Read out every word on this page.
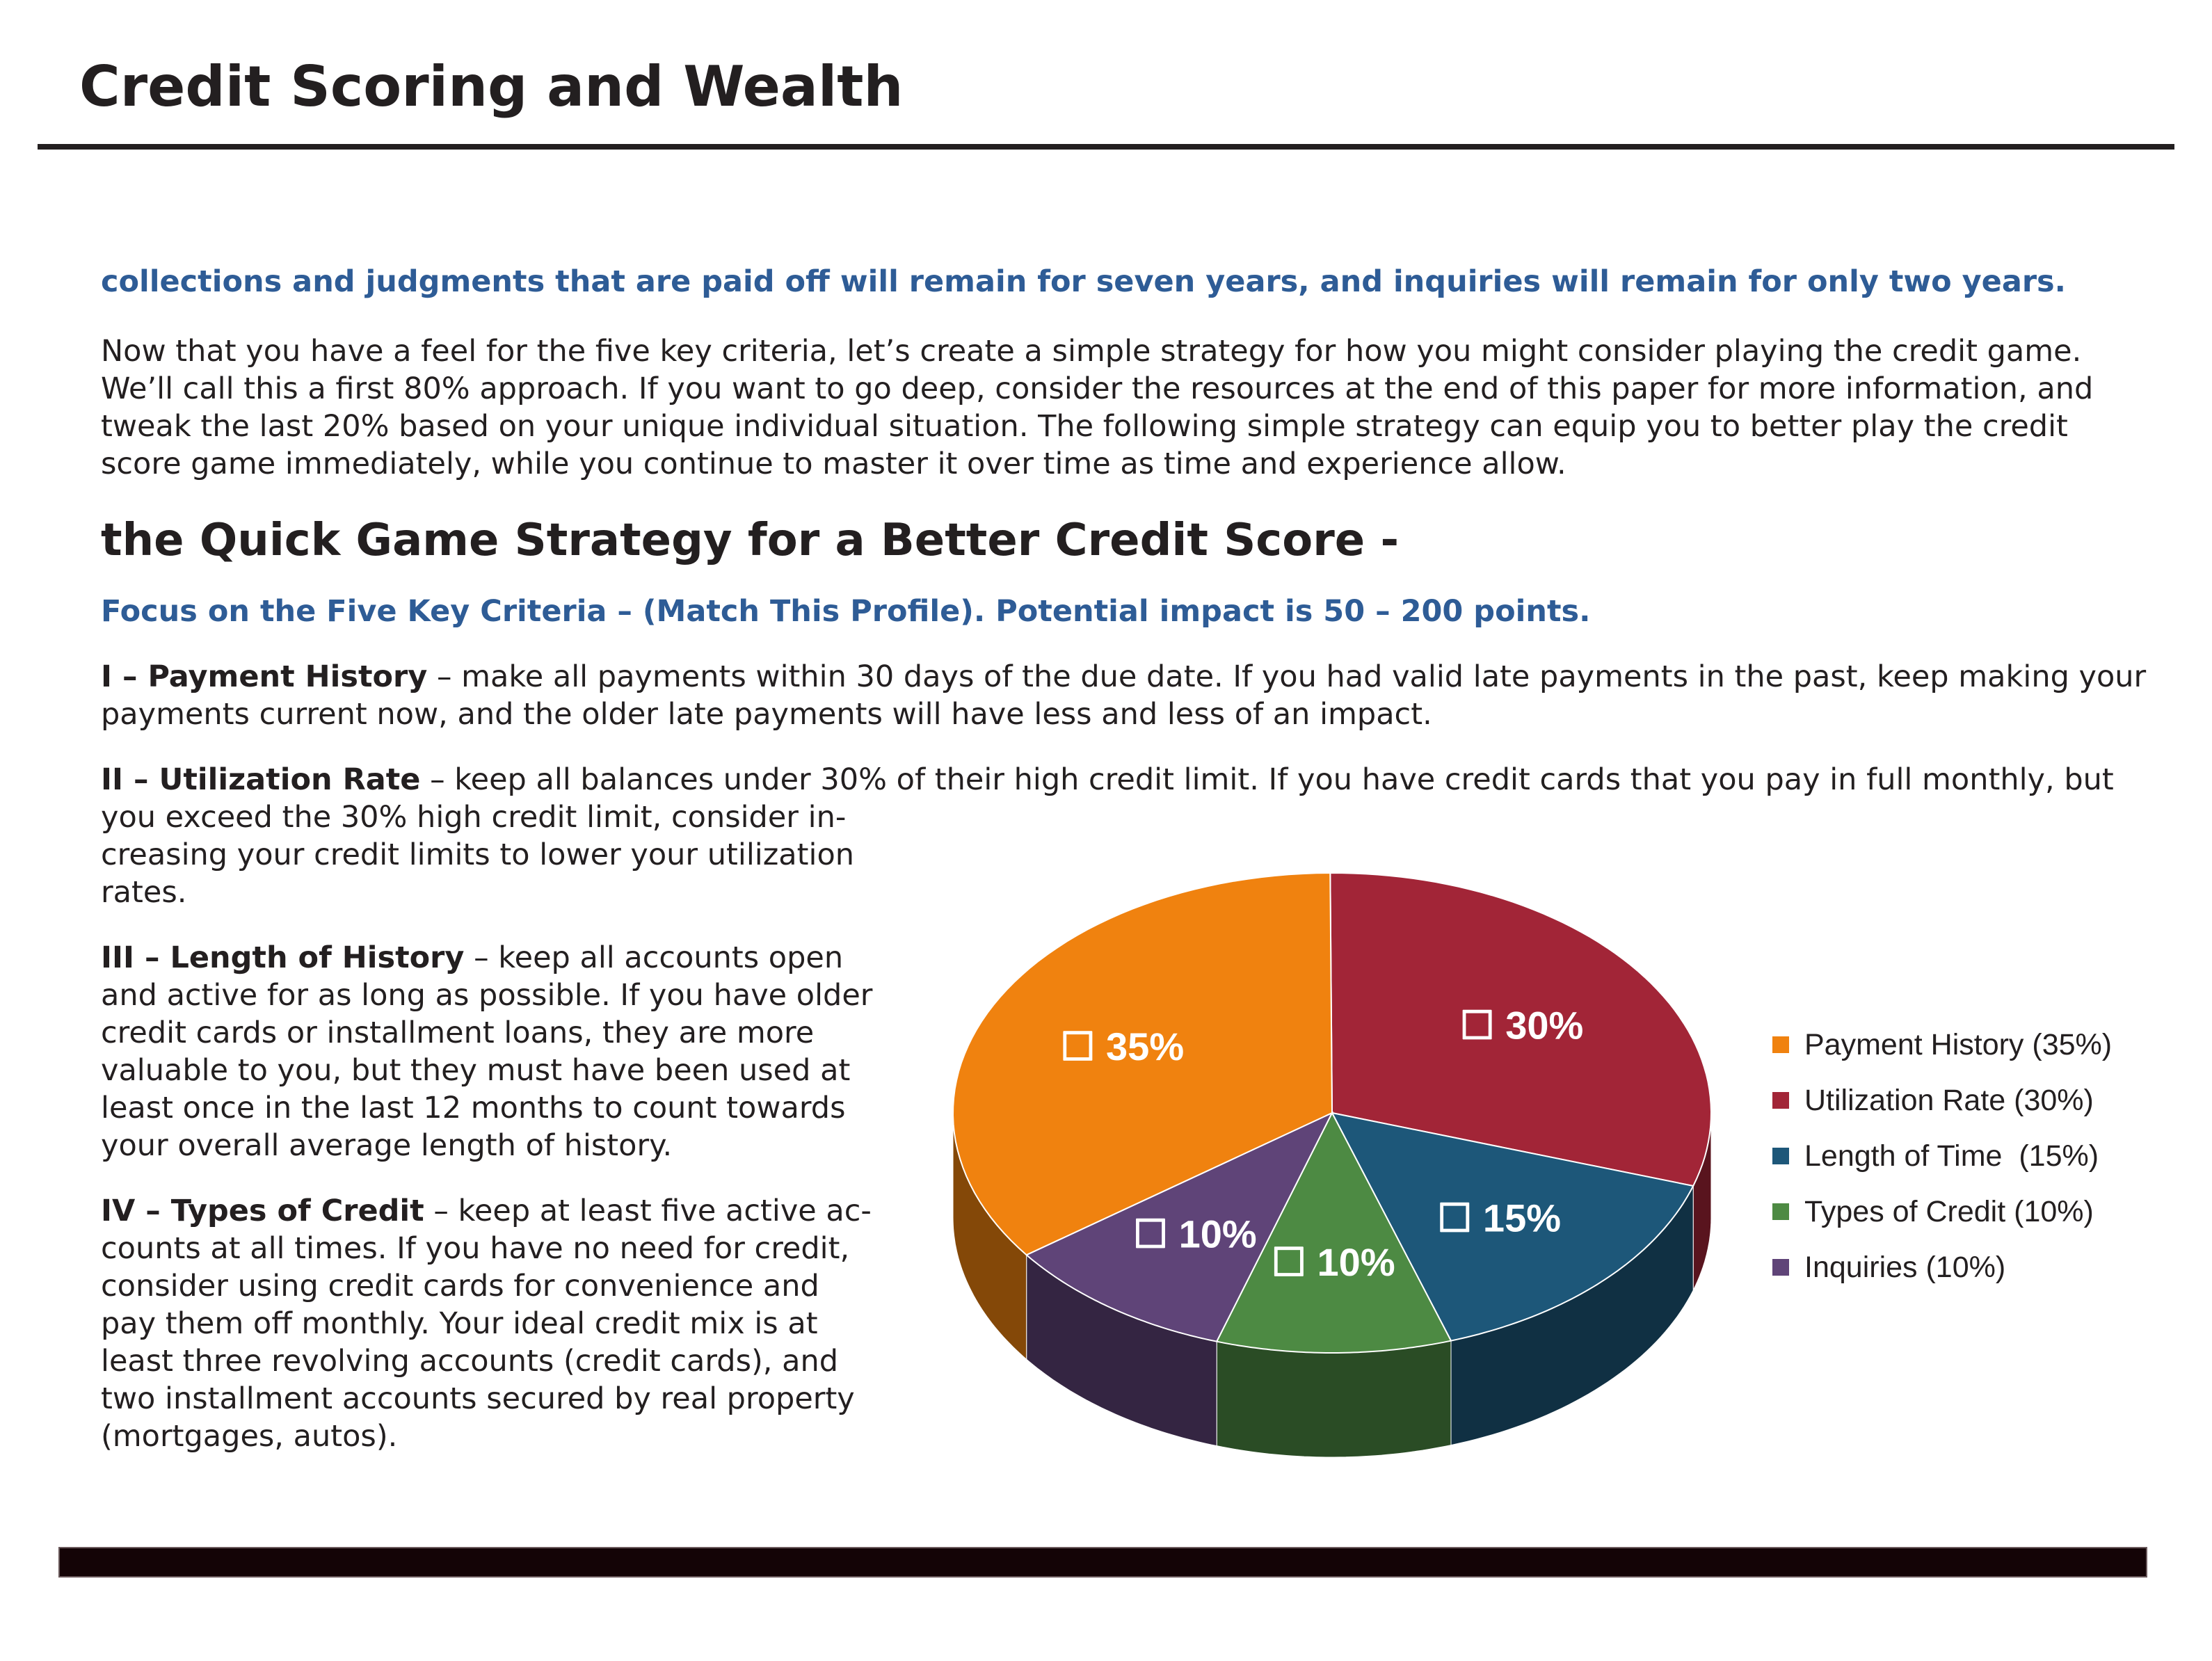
Credit Scoring and Wealth
collections and judgments that are paid off will remain for seven years, and inquiries will remain for only two years.
Now that you have a feel for the five key criteria, let’s create a simple strategy for how you might consider playing the credit game.
We’ll call this a first 80% approach. If you want to go deep, consider the resources at the end of this paper for more information, and
tweak the last 20% based on your unique individual situation. The following simple strategy can equip you to better play the credit
score game immediately, while you continue to master it over time as time and experience allow.
the Quick Game Strategy for a Better Credit Score -
Focus on the Five Key Criteria – (Match This Profile). Potential impact is 50 – 200 points.
I – Payment History – make all payments within 30 days of the due date. If you had valid late payments in the past, keep making your
payments current now, and the older late payments will have less and less of an impact.
II – Utilization Rate – keep all balances under 30% of their high credit limit. If you have credit cards that you pay in full monthly, but
you exceed the 30% high credit limit, consider in-
creasing your credit limits to lower your utilization
rates.
III – Length of History – keep all accounts open
and active for as long as possible. If you have older
credit cards or installment loans, they are more
valuable to you, but they must have been used at
least once in the last 12 months to count towards
your overall average length of history.
IV – Types of Credit – keep at least five active ac-
counts at all times. If you have no need for credit,
consider using credit cards for convenience and
pay them off monthly. Your ideal credit mix is at
least three revolving accounts (credit cards), and
two installment accounts secured by real property
(mortgages, autos).
☐ 30%
☐ 15%
☐ 10%
☐ 10%
☐ 35%	Payment History (35%)
Utilization Rate (30%)
Length of Time  (15%)
Types of Credit (10%)
Inquiries (10%)
